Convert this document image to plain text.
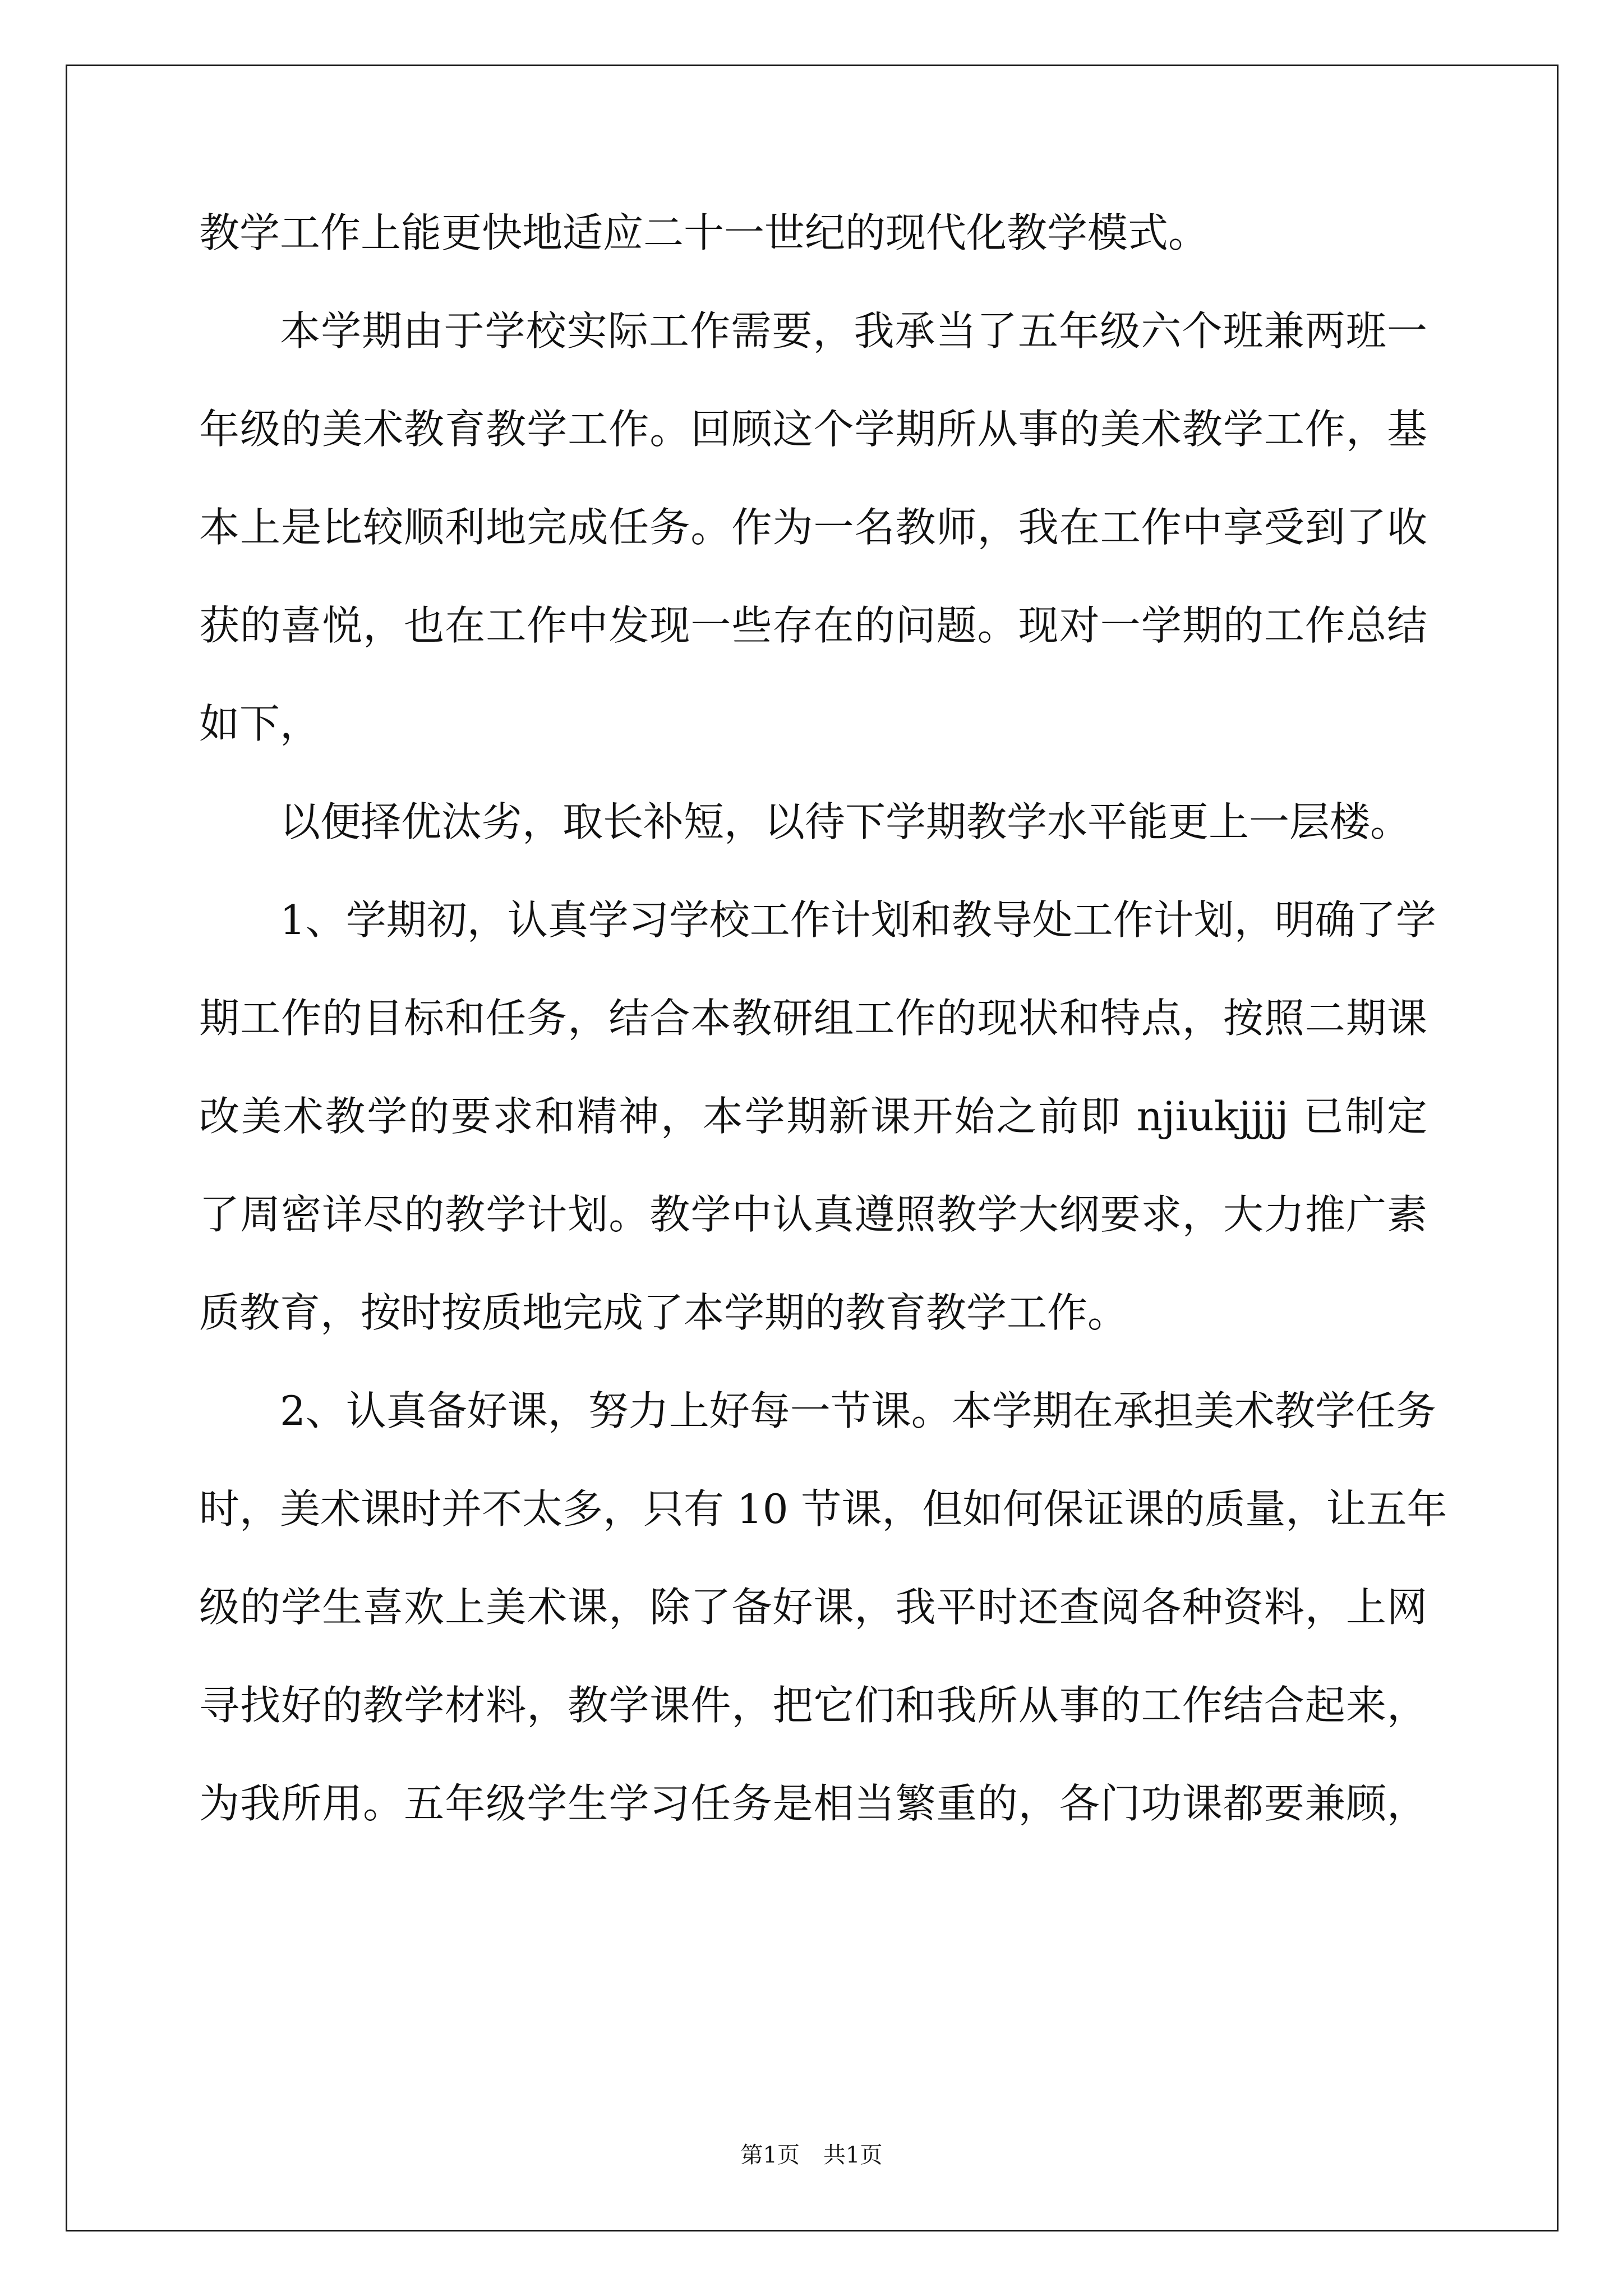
教学工作上能更快地适应二十一世纪的现代化教学模式。
本学期由于学校实际工作需要，我承当了五年级六个班兼两班一
年级的美术教育教学工作。回顾这个学期所从事的美术教学工作，基
本上是比较顺利地完成任务。作为一名教师，我在工作中享受到了收
获的喜悦，也在工作中发现一些存在的问题。现对一学期的工作总结
如下，
以便择优汰劣，取长补短，以待下学期教学水平能更上一层楼。
1、学期初，认真学习学校工作计划和教导处工作计划，明确了学
期工作的目标和任务，结合本教研组工作的现状和特点，按照二期课
改美术教学的要求和精神，本学期新课开始之前即 njiukjjjj 已制定
了周密详尽的教学计划。教学中认真遵照教学大纲要求，大力推广素
质教育，按时按质地完成了本学期的教育教学工作。
2、认真备好课，努力上好每一节课。本学期在承担美术教学任务
时，美术课时并不太多，只有 10 节课，但如何保证课的质量，让五年
级的学生喜欢上美术课，除了备好课，我平时还查阅各种资料，上网
寻找好的教学材料，教学课件，把它们和我所从事的工作结合起来，
为我所用。五年级学生学习任务是相当繁重的，各门功课都要兼顾，
第1页 共1页
